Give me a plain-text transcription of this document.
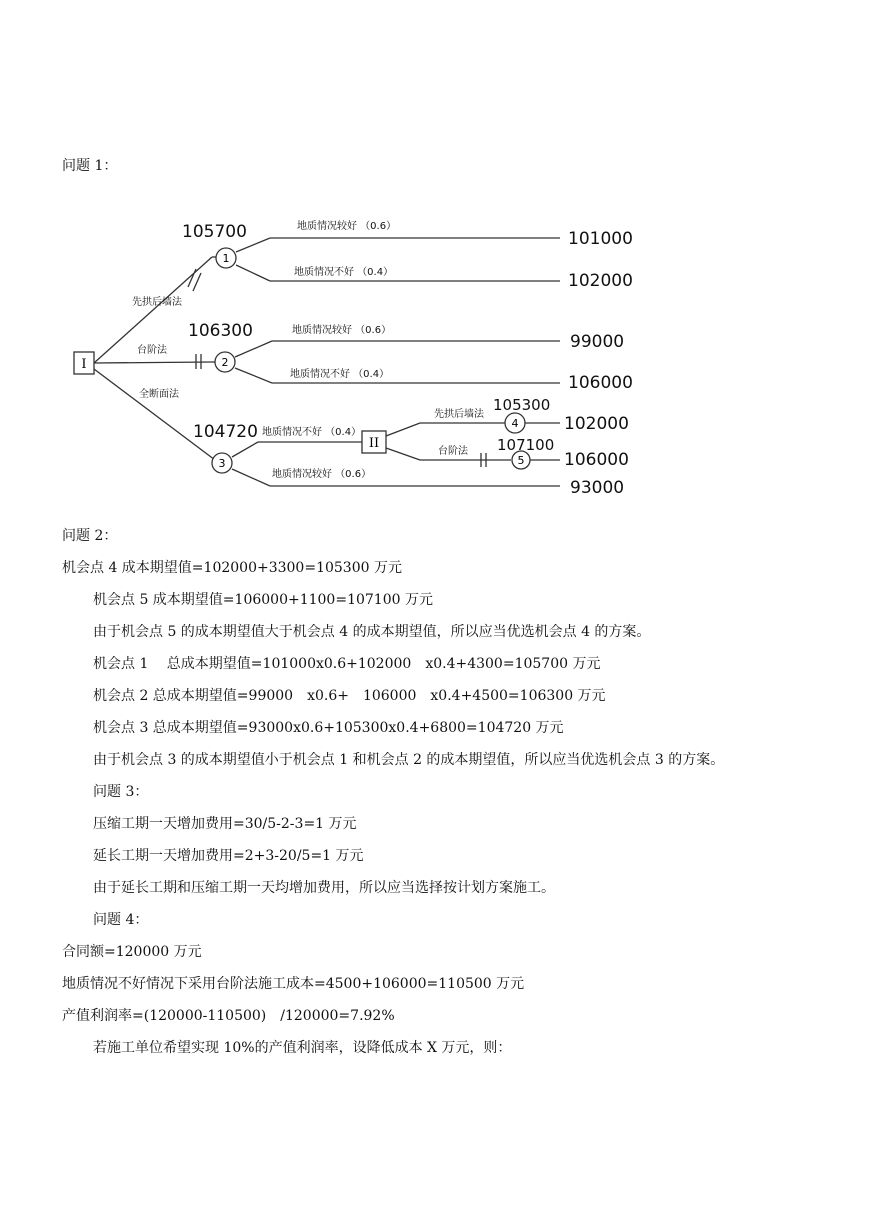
问题 1：
I
II
1
2
3
4
5
105700
106300
104720
105300
107100
先拱后墙法
台阶法
全断面法
地质情况较好 （0.6）
地质情况不好 （0.4）
地质情况较好 （0.6）
地质情况不好 （0.4）
地质情况不好 （0.4）
地质情况较好 （0.6）
先拱后墙法
台阶法
101000
102000
99000
106000
102000
106000
93000
问题 2：
机会点 4 成本期望值=102000+3300=105300 万元
机会点 5 成本期望值=106000+1100=107100 万元
由于机会点 5 的成本期望值大于机会点 4 的成本期望值，所以应当优选机会点 4 的方案。
机会点 1　 总成本期望值=101000x0.6+102000　x0.4+4300=105700 万元
机会点 2 总成本期望值=99000　x0.6+　106000　x0.4+4500=106300 万元
机会点 3 总成本期望值=93000x0.6+105300x0.4+6800=104720 万元
由于机会点 3 的成本期望值小于机会点 1 和机会点 2 的成本期望值，所以应当优选机会点 3 的方案。
问题 3：
压缩工期一天增加费用=30/5-2-3=1 万元
延长工期一天增加费用=2+3-20/5=1 万元
由于延长工期和压缩工期一天均增加费用，所以应当选择按计划方案施工。
问题 4：
合同额=120000 万元
地质情况不好情况下采用台阶法施工成本=4500+106000=110500 万元
产值利润率=(120000-110500)　/120000=7.92%
若施工单位希望实现 10%的产值利润率，设降低成本 X 万元，则：
